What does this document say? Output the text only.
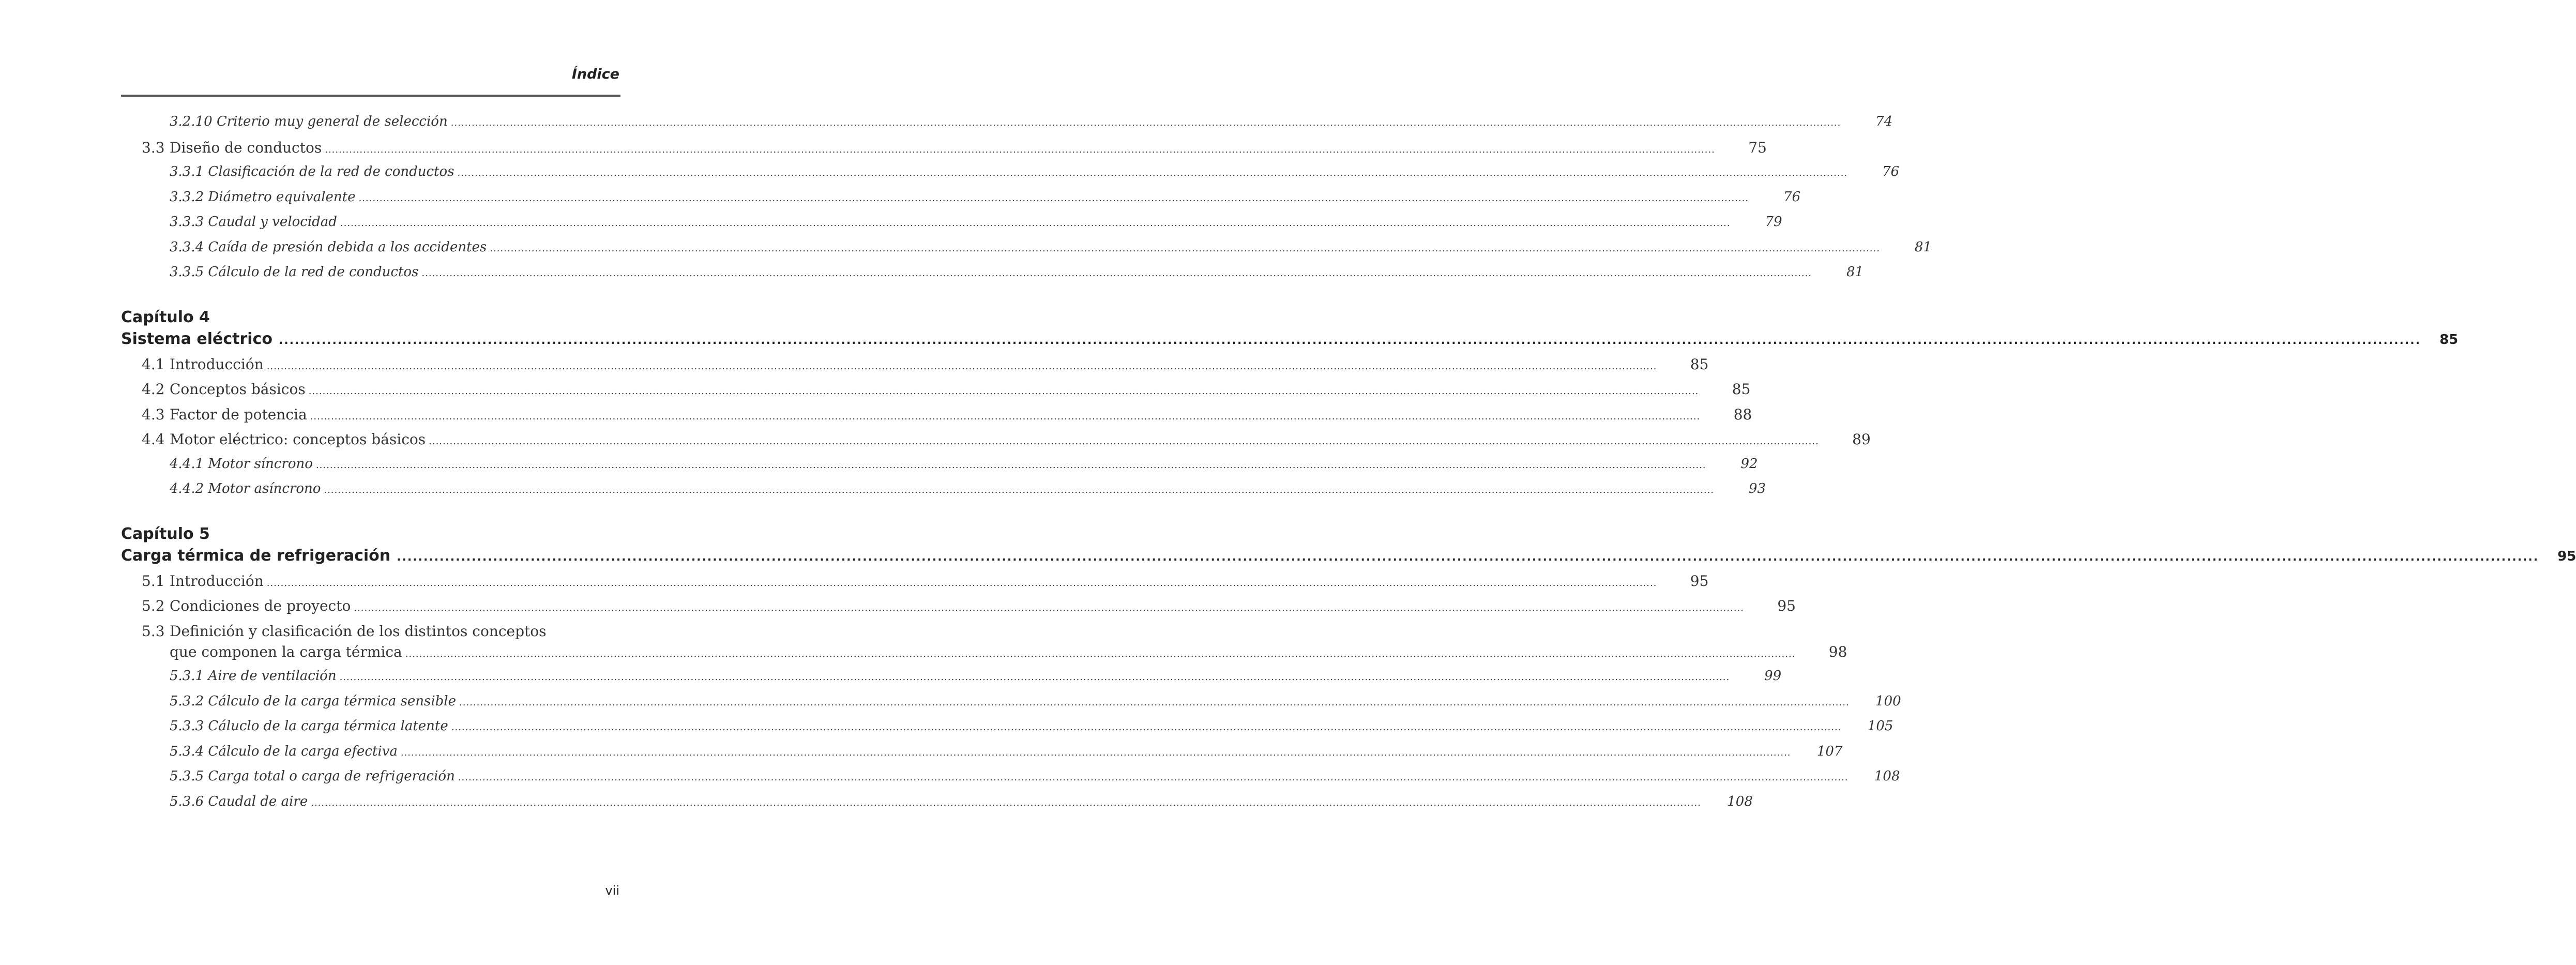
Índice
3.2.10 Criterio muy general de selección ................................................................................................................................................................................................................................................................................................................................................................................................................	74
3.3 Diseño de conductos ................................................................................................................................................................................................................................................................................................................................................................................................................	75
3.3.1 Clasificación de la red de conductos ................................................................................................................................................................................................................................................................................................................................................................................................................	76
3.3.2 Diámetro equivalente ................................................................................................................................................................................................................................................................................................................................................................................................................	76
3.3.3 Caudal y velocidad ................................................................................................................................................................................................................................................................................................................................................................................................................	79
3.3.4 Caída de presión debida a los accidentes ................................................................................................................................................................................................................................................................................................................................................................................................................	81
3.3.5 Cálculo de la red de conductos ................................................................................................................................................................................................................................................................................................................................................................................................................	81
Capítulo 4
Sistema eléctrico ................................................................................................................................................................................................................................................................................................................................................................................................................ 85
4.1 Introducción ................................................................................................................................................................................................................................................................................................................................................................................................................	85
4.2 Conceptos básicos ................................................................................................................................................................................................................................................................................................................................................................................................................	85
4.3 Factor de potencia ................................................................................................................................................................................................................................................................................................................................................................................................................	88
4.4 Motor eléctrico: conceptos básicos ................................................................................................................................................................................................................................................................................................................................................................................................................	89
4.4.1 Motor síncrono ................................................................................................................................................................................................................................................................................................................................................................................................................	92
4.4.2 Motor asíncrono ................................................................................................................................................................................................................................................................................................................................................................................................................	93
Capítulo 5
Carga térmica de refrigeración ................................................................................................................................................................................................................................................................................................................................................................................................................ 95
5.1 Introducción ................................................................................................................................................................................................................................................................................................................................................................................................................	95
5.2 Condiciones de proyecto ................................................................................................................................................................................................................................................................................................................................................................................................................	95
5.3 Definición y clasificación de los distintos conceptos
que componen la carga térmica ................................................................................................................................................................................................................................................................................................................................................................................................................	98
5.3.1 Aire de ventilación ................................................................................................................................................................................................................................................................................................................................................................................................................	99
5.3.2 Cálculo de la carga térmica sensible ................................................................................................................................................................................................................................................................................................................................................................................................................	100
5.3.3 Cáluclo de la carga térmica latente ................................................................................................................................................................................................................................................................................................................................................................................................................	105
5.3.4 Cálculo de la carga efectiva ................................................................................................................................................................................................................................................................................................................................................................................................................	107
5.3.5 Carga total o carga de refrigeración ................................................................................................................................................................................................................................................................................................................................................................................................................	108
5.3.6 Caudal de aire ................................................................................................................................................................................................................................................................................................................................................................................................................	108
vii
